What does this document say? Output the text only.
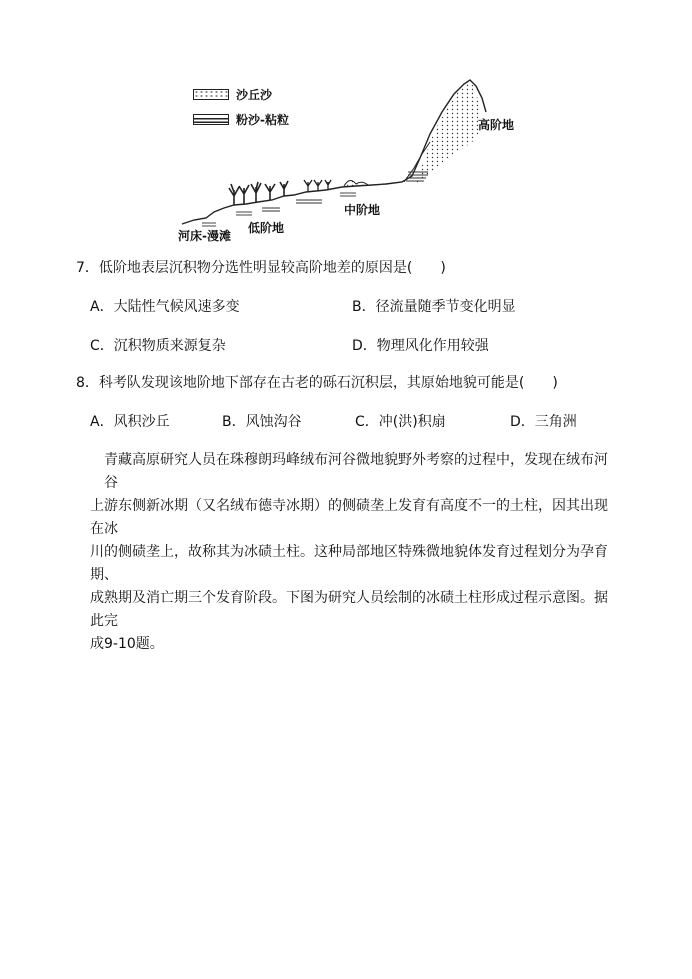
沙丘沙
粉沙-粘粒
河床-漫滩
低阶地
中阶地
高阶地
7．低阶地表层沉积物分选性明显较高阶地差的原因是(　　)
A．大陆性气候风速多变	B．径流量随季节变化明显
C．沉积物质来源复杂	D．物理风化作用较强
8．科考队发现该地阶地下部存在古老的砾石沉积层，其原始地貌可能是(　　)
A．风积沙丘	B．风蚀沟谷	C．冲(洪)积扇	D．三角洲
青藏高原研究人员在珠穆朗玛峰绒布河谷微地貌野外考察的过程中，发现在绒布河谷
上游东侧新冰期（又名绒布德寺冰期）的侧碛垄上发育有高度不一的土柱，因其出现在冰
川的侧碛垄上，故称其为冰碛土柱。这种局部地区特殊微地貌体发育过程划分为孕育期、
成熟期及消亡期三个发育阶段。下图为研究人员绘制的冰碛土柱形成过程示意图。据此完
成9-10题。
